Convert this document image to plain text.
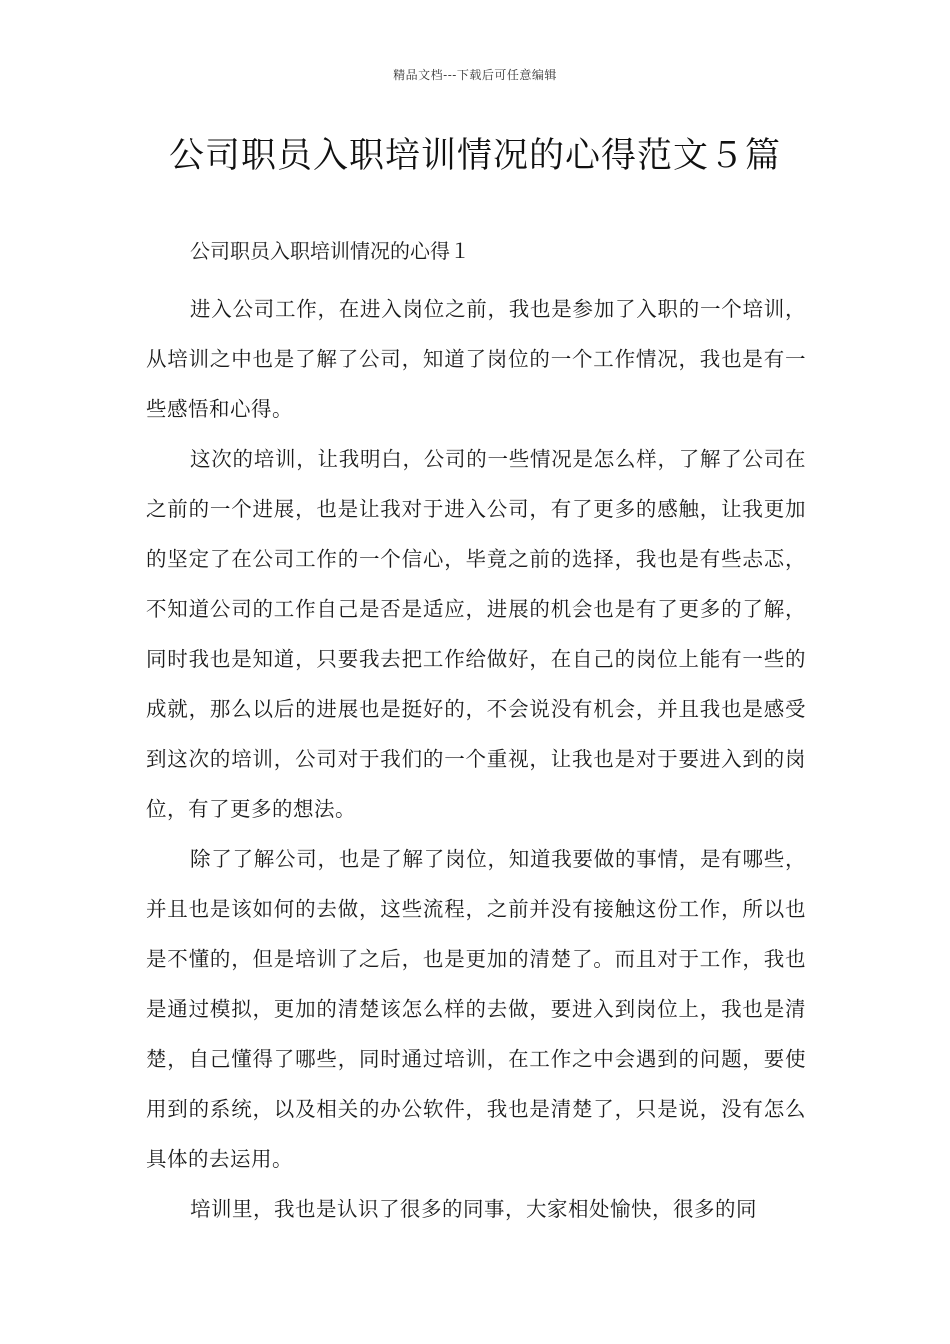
精品文档---下载后可任意编辑
公司职员入职培训情况的心得范文５篇

公司职员入职培训情况的心得１

进入公司工作，在进入岗位之前，我也是参加了入职的一个培训，从培训之中也是了解了公司，知道了岗位的一个工作情况，我也是有一些感悟和心得。

这次的培训，让我明白，公司的一些情况是怎么样，了解了公司在之前的一个进展，也是让我对于进入公司，有了更多的感触，让我更加的坚定了在公司工作的一个信心，毕竟之前的选择，我也是有些忐忑，不知道公司的工作自己是否是适应，进展的机会也是有了更多的了解，同时我也是知道，只要我去把工作给做好，在自己的岗位上能有一些的成就，那么以后的进展也是挺好的，不会说没有机会，并且我也是感受到这次的培训，公司对于我们的一个重视，让我也是对于要进入到的岗位，有了更多的想法。

除了了解公司，也是了解了岗位，知道我要做的事情，是有哪些，并且也是该如何的去做，这些流程，之前并没有接触这份工作，所以也是不懂的，但是培训了之后，也是更加的清楚了。而且对于工作，我也是通过模拟，更加的清楚该怎么样的去做，要进入到岗位上，我也是清楚，自己懂得了哪些，同时通过培训，在工作之中会遇到的问题，要使用到的系统，以及相关的办公软件，我也是清楚了，只是说，没有怎么具体的去运用。

培训里，我也是认识了很多的同事，大家相处愉快，很多的同
